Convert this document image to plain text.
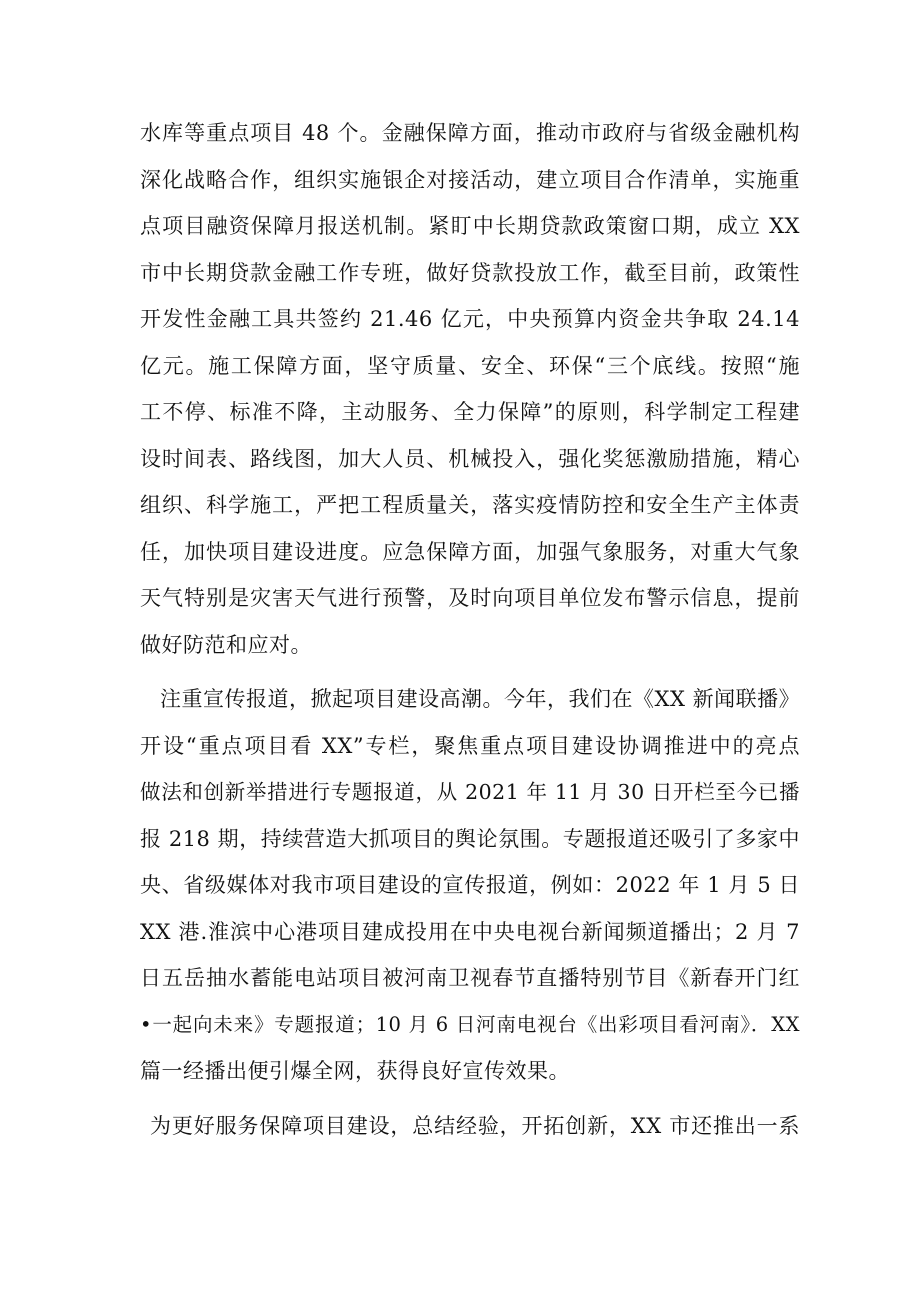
水库等重点项目 48 个。金融保障方面，推动市政府与省级金融机构
深化战略合作，组织实施银企对接活动，建立项目合作清单，实施重
点项目融资保障月报送机制。紧盯中长期贷款政策窗口期，成立 XX
市中长期贷款金融工作专班，做好贷款投放工作，截至目前，政策性
开发性金融工具共签约 21.46 亿元，中央预算内资金共争取 24.14
亿元。施工保障方面，坚守质量、安全、环保“三个底线。按照“施
工不停、标准不降，主动服务、全力保障”的原则，科学制定工程建
设时间表、路线图，加大人员、机械投入，强化奖惩激励措施，精心
组织、科学施工，严把工程质量关，落实疫情防控和安全生产主体责
任，加快项目建设进度。应急保障方面，加强气象服务，对重大气象
天气特别是灾害天气进行预警，及时向项目单位发布警示信息，提前
做好防范和应对。
注重宣传报道，掀起项目建设高潮。今年，我们在《XX 新闻联播》
开设“重点项目看 XX”专栏，聚焦重点项目建设协调推进中的亮点
做法和创新举措进行专题报道，从 2021 年 11 月 30 日开栏至今已播
报 218 期，持续营造大抓项目的舆论氛围。专题报道还吸引了多家中
央、省级媒体对我市项目建设的宣传报道，例如：2022 年 1 月 5 日
XX 港.淮滨中心港项目建成投用在中央电视台新闻频道播出；2 月 7
日五岳抽水蓄能电站项目被河南卫视春节直播特别节目《新春开门红
•一起向未来》专题报道；10 月 6 日河南电视台《出彩项目看河南》．XX
篇一经播出便引爆全网，获得良好宣传效果。
为更好服务保障项目建设，总结经验，开拓创新，XX 市还推出一系
